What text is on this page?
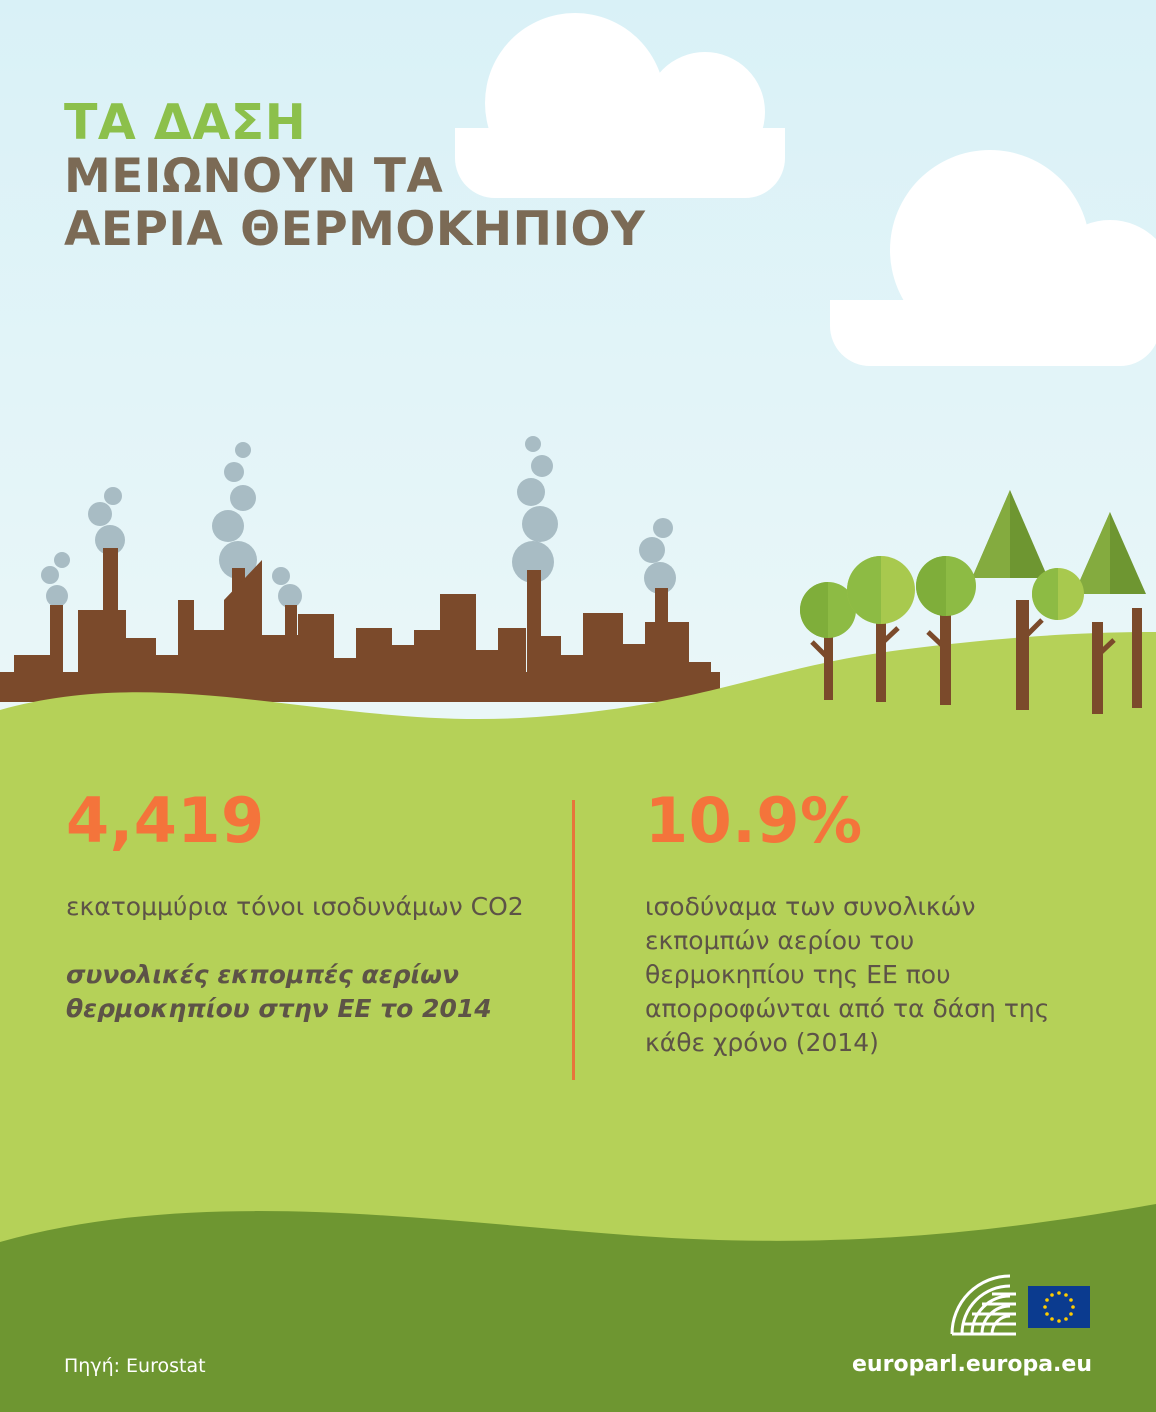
ΤΑ ΔΑΣΗ
ΜΕΙΩΝΟΥΝ ΤΑ
ΑΕΡΙΑ ΘΕΡΜΟΚΗΠΙΟΥ
4,419

εκατομμύρια τόνοι ισοδυνάμων CO2

συνολικές εκπομπές αερίων θερμοκηπίου στην ΕΕ το 2014

10.9%

ισοδύναμα των συνολικών εκπομπών αερίου του θερμοκηπίου της ΕΕ που απορροφώνται από τα δάση της κάθε χρόνο (2014)

Πηγή: Eurostat	europarl.europa.eu
